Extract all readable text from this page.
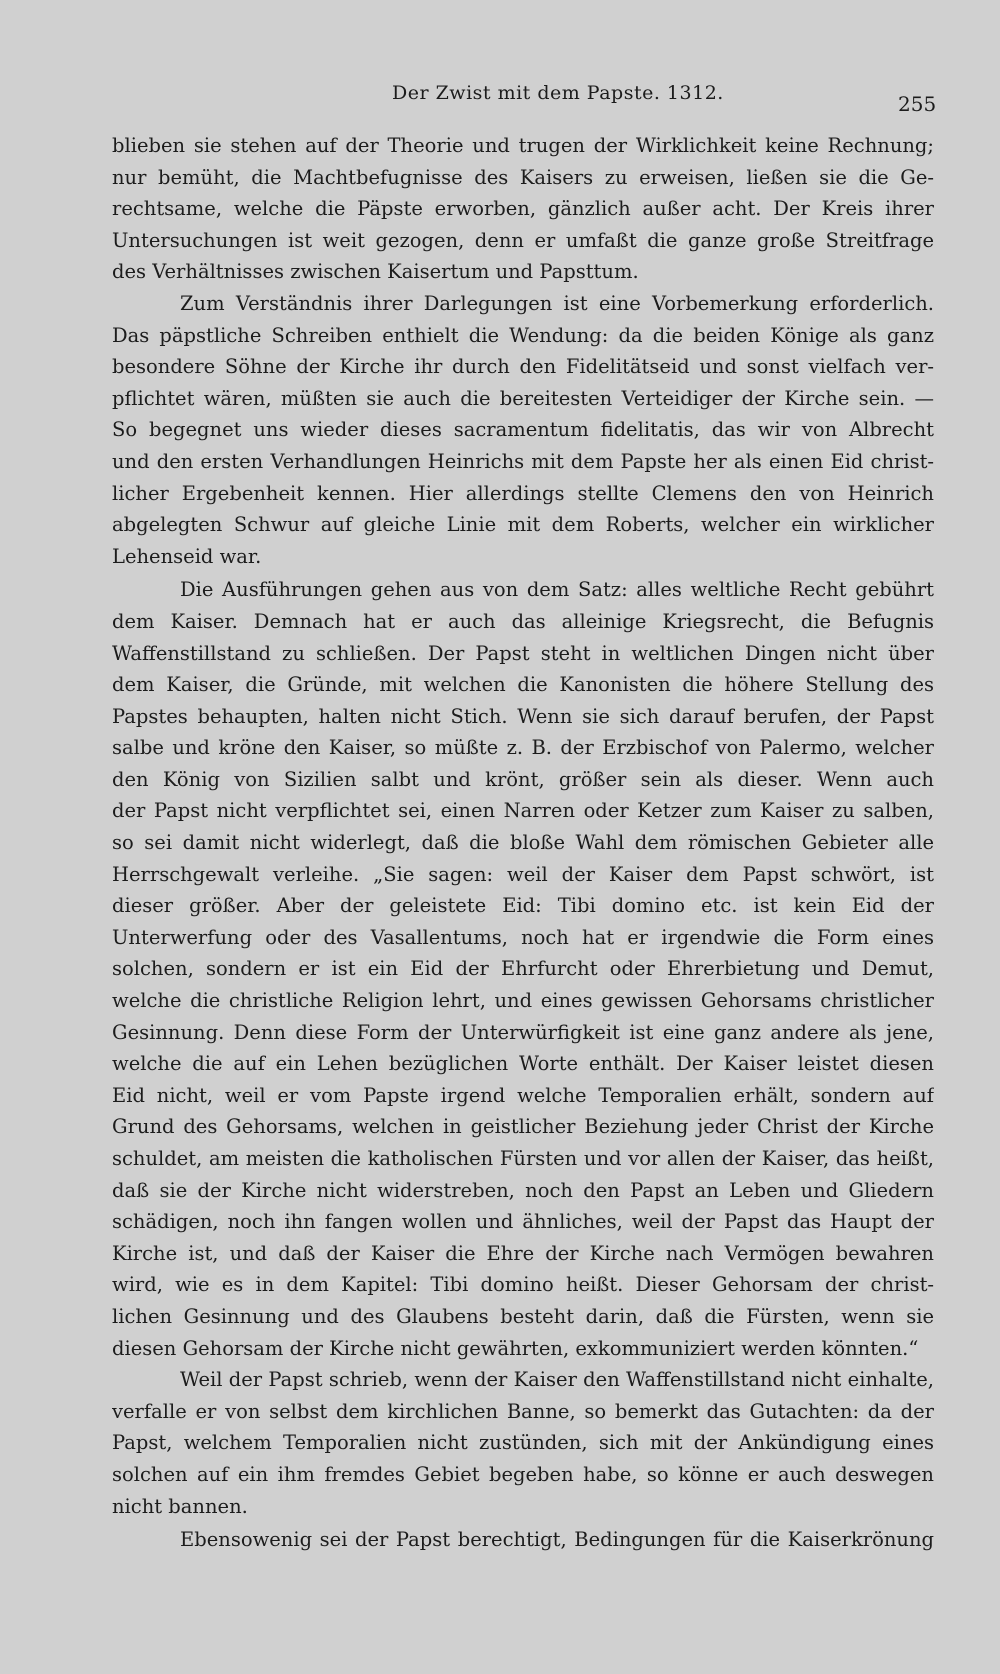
Der Zwist mit dem Papste. 1312.	255
blieben sie stehen auf der Theorie und trugen der Wirklichkeit keine Rechnung;
nur bemüht, die Machtbefugnisse des Kaisers zu erweisen, ließen sie die Ge-
rechtsame, welche die Päpste erworben, gänzlich außer acht. Der Kreis ihrer
Untersuchungen ist weit gezogen, denn er umfaßt die ganze große Streitfrage
des Verhältnisses zwischen Kaisertum und Papsttum.
Zum Verständnis ihrer Darlegungen ist eine Vorbemerkung erforderlich.
Das päpstliche Schreiben enthielt die Wendung: da die beiden Könige als ganz
besondere Söhne der Kirche ihr durch den Fidelitätseid und sonst vielfach ver-
pflichtet wären, müßten sie auch die bereitesten Verteidiger der Kirche sein. —
So begegnet uns wieder dieses sacramentum fidelitatis, das wir von Albrecht
und den ersten Verhandlungen Heinrichs mit dem Papste her als einen Eid christ-
licher Ergebenheit kennen. Hier allerdings stellte Clemens den von Heinrich
abgelegten Schwur auf gleiche Linie mit dem Roberts, welcher ein wirklicher
Lehenseid war.
Die Ausführungen gehen aus von dem Satz: alles weltliche Recht gebührt
dem Kaiser. Demnach hat er auch das alleinige Kriegsrecht, die Befugnis
Waffenstillstand zu schließen. Der Papst steht in weltlichen Dingen nicht über
dem Kaiser, die Gründe, mit welchen die Kanonisten die höhere Stellung des
Papstes behaupten, halten nicht Stich. Wenn sie sich darauf berufen, der Papst
salbe und kröne den Kaiser, so müßte z. B. der Erzbischof von Palermo, welcher
den König von Sizilien salbt und krönt, größer sein als dieser. Wenn auch
der Papst nicht verpflichtet sei, einen Narren oder Ketzer zum Kaiser zu salben,
so sei damit nicht widerlegt, daß die bloße Wahl dem römischen Gebieter alle
Herrschgewalt verleihe. „Sie sagen: weil der Kaiser dem Papst schwört, ist
dieser größer. Aber der geleistete Eid: Tibi domino etc. ist kein Eid der
Unterwerfung oder des Vasallentums, noch hat er irgendwie die Form eines
solchen, sondern er ist ein Eid der Ehrfurcht oder Ehrerbietung und Demut,
welche die christliche Religion lehrt, und eines gewissen Gehorsams christlicher
Gesinnung. Denn diese Form der Unterwürfigkeit ist eine ganz andere als jene,
welche die auf ein Lehen bezüglichen Worte enthält. Der Kaiser leistet diesen
Eid nicht, weil er vom Papste irgend welche Temporalien erhält, sondern auf
Grund des Gehorsams, welchen in geistlicher Beziehung jeder Christ der Kirche
schuldet, am meisten die katholischen Fürsten und vor allen der Kaiser, das heißt,
daß sie der Kirche nicht widerstreben, noch den Papst an Leben und Gliedern
schädigen, noch ihn fangen wollen und ähnliches, weil der Papst das Haupt der
Kirche ist, und daß der Kaiser die Ehre der Kirche nach Vermögen bewahren
wird, wie es in dem Kapitel: Tibi domino heißt. Dieser Gehorsam der christ-
lichen Gesinnung und des Glaubens besteht darin, daß die Fürsten, wenn sie
diesen Gehorsam der Kirche nicht gewährten, exkommuniziert werden könnten.“
Weil der Papst schrieb, wenn der Kaiser den Waffenstillstand nicht einhalte,
verfalle er von selbst dem kirchlichen Banne, so bemerkt das Gutachten: da der
Papst, welchem Temporalien nicht zustünden, sich mit der Ankündigung eines
solchen auf ein ihm fremdes Gebiet begeben habe, so könne er auch deswegen
nicht bannen.
Ebensowenig sei der Papst berechtigt, Bedingungen für die Kaiserkrönung
